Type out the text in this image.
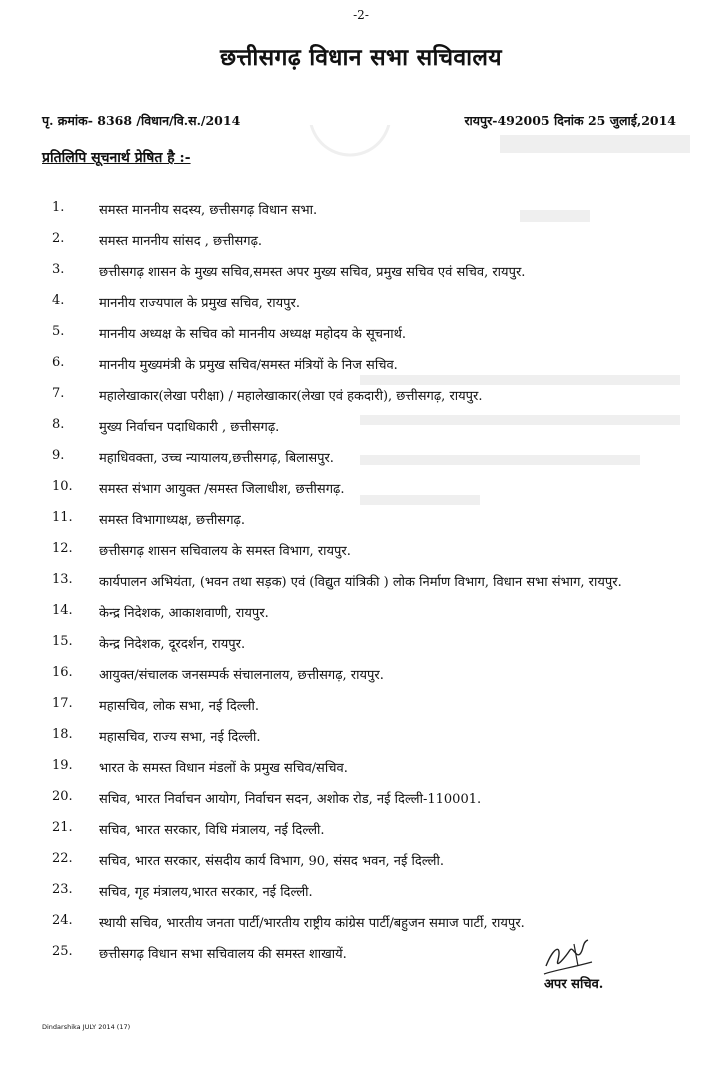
-2-
छत्तीसगढ़ विधान सभा सचिवालय
पृ. क्रमांक- 8368 /विधान/वि.स./2014	रायपुर-492005 दिनांक 25 जुलाई,2014
प्रतिलिपि सूचनार्थ प्रेषित है :-
1.	समस्त माननीय सदस्य, छत्तीसगढ़ विधान सभा.
2.	समस्त माननीय सांसद , छत्तीसगढ़.
3.	छत्तीसगढ़ शासन के मुख्य सचिव,समस्त अपर मुख्य सचिव, प्रमुख सचिव एवं सचिव, रायपुर.
4.	माननीय राज्यपाल के प्रमुख सचिव, रायपुर.
5.	माननीय अध्यक्ष के सचिव को माननीय अध्यक्ष महोदय के सूचनार्थ.
6.	माननीय मुख्यमंत्री के प्रमुख सचिव/समस्त मंत्रियों के निज सचिव.
7.	महालेखाकार(लेखा परीक्षा) / महालेखाकार(लेखा एवं हकदारी), छत्तीसगढ़, रायपुर.
8.	मुख्य निर्वाचन पदाधिकारी , छत्तीसगढ़.
9.	महाधिवक्ता, उच्च न्यायालय,छत्तीसगढ़, बिलासपुर.
10.	समस्त संभाग आयुक्त /समस्त जिलाधीश, छत्तीसगढ़.
11.	समस्त विभागाध्यक्ष, छत्तीसगढ़.
12.	छत्तीसगढ़ शासन सचिवालय के समस्त विभाग, रायपुर.
13.	कार्यपालन अभियंता, (भवन तथा सड़क) एवं (विद्युत यांत्रिकी ) लोक निर्माण विभाग, विधान सभा संभाग, रायपुर.
14.	केन्द्र निदेशक, आकाशवाणी, रायपुर.
15.	केन्द्र निदेशक, दूरदर्शन, रायपुर.
16.	आयुक्त/संचालक जनसम्पर्क संचालनालय, छत्तीसगढ़, रायपुर.
17.	महासचिव, लोक सभा, नई दिल्ली.
18.	महासचिव, राज्य सभा, नई दिल्ली.
19.	भारत के समस्त विधान मंडलों के प्रमुख सचिव/सचिव.
20.	सचिव, भारत निर्वाचन आयोग, निर्वाचन सदन, अशोक रोड, नई दिल्ली-110001.
21.	सचिव, भारत सरकार, विधि मंत्रालय, नई दिल्ली.
22.	सचिव, भारत सरकार, संसदीय कार्य विभाग, 90, संसद भवन, नई दिल्ली.
23.	सचिव, गृह मंत्रालय,भारत सरकार, नई दिल्ली.
24.	स्थायी सचिव, भारतीय जनता पार्टी/भारतीय राष्ट्रीय कांग्रेस पार्टी/बहुजन समाज पार्टी, रायपुर.
25.	छत्तीसगढ़ विधान सभा सचिवालय की समस्त शाखायें.
अपर सचिव.
Dindarshika JULY 2014 (17)
